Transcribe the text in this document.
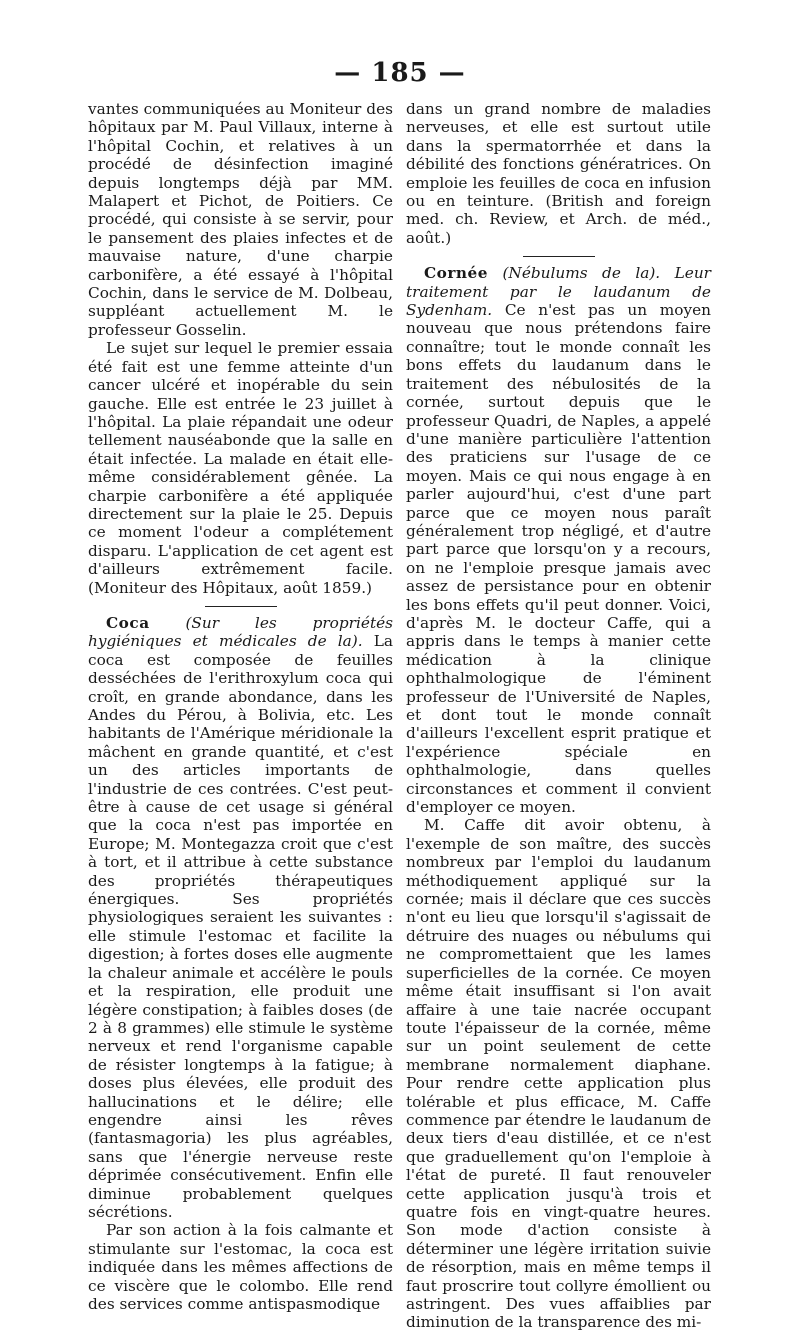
— 185 —

vantes communiquées au Moniteur des hôpitaux par M. Paul Villaux, interne à l'hôpital Cochin, et relatives à un procédé de désinfection imaginé depuis longtemps déjà par MM. Malapert et Pichot, de Poitiers. Ce procédé, qui consiste à se servir, pour le pansement des plaies infectes et de mauvaise nature, d'une charpie carbonifère, a été essayé à l'hôpital Cochin, dans le service de M. Dolbeau, suppléant actuellement M. le professeur Gosselin.

Le sujet sur lequel le premier essaia été fait est une femme atteinte d'un cancer ulcéré et inopérable du sein gauche. Elle est entrée le 23 juillet à l'hôpital. La plaie répandait une odeur tellement nauséabonde que la salle en était infectée. La malade en était elle-même considérablement gênée. La charpie carbonifère a été appliquée directement sur la plaie le 25. Depuis ce moment l'odeur a complétement disparu. L'application de cet agent est d'ailleurs extrêmement facile. (Moniteur des Hôpitaux, août 1859.)

Coca (Sur les propriétés hygiéniques et médicales de la). La coca est composée de feuilles desséchées de l'erithroxylum coca qui croît, en grande abondance, dans les Andes du Pérou, à Bolivia, etc. Les habitants de l'Amérique méridionale la mâchent en grande quantité, et c'est un des articles importants de l'industrie de ces contrées. C'est peut-être à cause de cet usage si général que la coca n'est pas importée en Europe; M. Montegazza croit que c'est à tort, et il attribue à cette substance des propriétés thérapeutiques énergiques. Ses propriétés physiologiques seraient les suivantes : elle stimule l'estomac et facilite la digestion; à fortes doses elle augmente la chaleur animale et accélère le pouls et la respiration, elle produit une légère constipation; à faibles doses (de 2 à 8 grammes) elle stimule le système nerveux et rend l'organisme capable de résister longtemps à la fatigue; à doses plus élevées, elle produit des hallucinations et le délire; elle engendre ainsi les rêves (fantasmagoria) les plus agréables, sans que l'énergie nerveuse reste déprimée consécutivement. Enfin elle diminue probablement quelques sécrétions.

Par son action à la fois calmante et stimulante sur l'estomac, la coca est indiquée dans les mêmes affections de ce viscère que le colombo. Elle rend des services comme antispasmodique

dans un grand nombre de maladies nerveuses, et elle est surtout utile dans la spermatorrhée et dans la débilité des fonctions génératrices. On emploie les feuilles de coca en infusion ou en teinture. (British and foreign med. ch. Review, et Arch. de méd., août.)

Cornée (Nébulums de la). Leur traitement par le laudanum de Sydenham. Ce n'est pas un moyen nouveau que nous prétendons faire connaître; tout le monde connaît les bons effets du laudanum dans le traitement des nébulosités de la cornée, surtout depuis que le professeur Quadri, de Naples, a appelé d'une manière particulière l'attention des praticiens sur l'usage de ce moyen. Mais ce qui nous engage à en parler aujourd'hui, c'est d'une part parce que ce moyen nous paraît généralement trop négligé, et d'autre part parce que lorsqu'on y a recours, on ne l'emploie presque jamais avec assez de persistance pour en obtenir les bons effets qu'il peut donner. Voici, d'après M. le docteur Caffe, qui a appris dans le temps à manier cette médication à la clinique ophthalmologique de l'éminent professeur de l'Université de Naples, et dont tout le monde connaît d'ailleurs l'excellent esprit pratique et l'expérience spéciale en ophthalmologie, dans quelles circonstances et comment il convient d'employer ce moyen.

M. Caffe dit avoir obtenu, à l'exemple de son maître, des succès nombreux par l'emploi du laudanum méthodiquement appliqué sur la cornée; mais il déclare que ces succès n'ont eu lieu que lorsqu'il s'agissait de détruire des nuages ou nébulums qui ne compromettaient que les lames superficielles de la cornée. Ce moyen même était insuffisant si l'on avait affaire à une taie nacrée occupant toute l'épaisseur de la cornée, même sur un point seulement de cette membrane normalement diaphane. Pour rendre cette application plus tolérable et plus efficace, M. Caffe commence par étendre le laudanum de deux tiers d'eau distillée, et ce n'est que graduellement qu'on l'emploie à l'état de pureté. Il faut renouveler cette application jusqu'à trois et quatre fois en vingt-quatre heures. Son mode d'action consiste à déterminer une légère irritation suivie de résorption, mais en même temps il faut proscrire tout collyre émollient ou astringent. Des vues affaiblies par diminution de la transparence des mi-
